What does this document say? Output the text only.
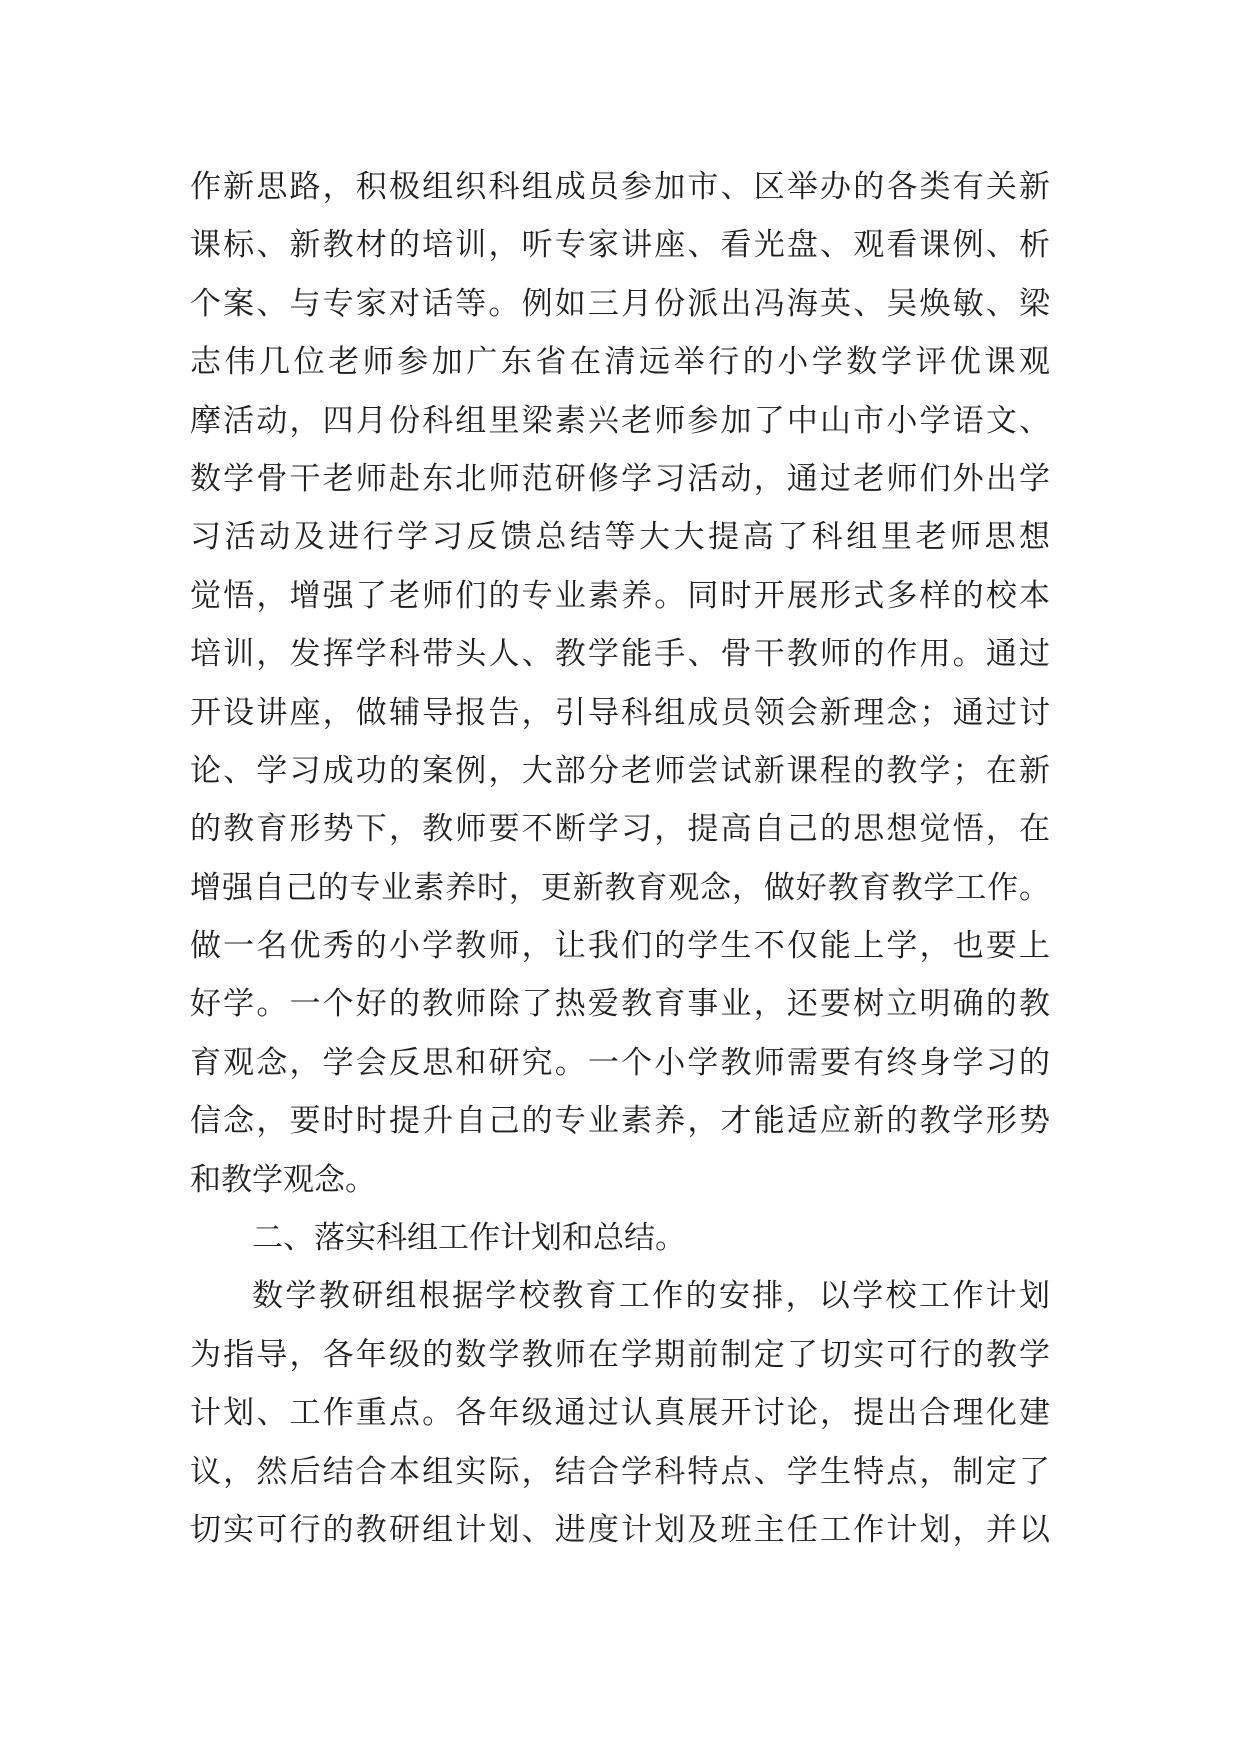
作新思路，积极组织科组成员参加市、区举办的各类有关新
课标、新教材的培训，听专家讲座、看光盘、观看课例、析
个案、与专家对话等。例如三月份派出冯海英、吴焕敏、梁
志伟几位老师参加广东省在清远举行的小学数学评优课观
摩活动，四月份科组里梁素兴老师参加了中山市小学语文、
数学骨干老师赴东北师范研修学习活动，通过老师们外出学
习活动及进行学习反馈总结等大大提高了科组里老师思想
觉悟，增强了老师们的专业素养。同时开展形式多样的校本
培训，发挥学科带头人、教学能手、骨干教师的作用。通过
开设讲座，做辅导报告，引导科组成员领会新理念；通过讨
论、学习成功的案例，大部分老师尝试新课程的教学；在新
的教育形势下，教师要不断学习，提高自己的思想觉悟，在
增强自己的专业素养时，更新教育观念，做好教育教学工作。
做一名优秀的小学教师，让我们的学生不仅能上学，也要上
好学。一个好的教师除了热爱教育事业，还要树立明确的教
育观念，学会反思和研究。一个小学教师需要有终身学习的
信念，要时时提升自己的专业素养，才能适应新的教学形势
和教学观念。
二、落实科组工作计划和总结。
数学教研组根据学校教育工作的安排，以学校工作计划
为指导，各年级的数学教师在学期前制定了切实可行的教学
计划、工作重点。各年级通过认真展开讨论，提出合理化建
议，然后结合本组实际，结合学科特点、学生特点，制定了
切实可行的教研组计划、进度计划及班主任工作计划，并以
